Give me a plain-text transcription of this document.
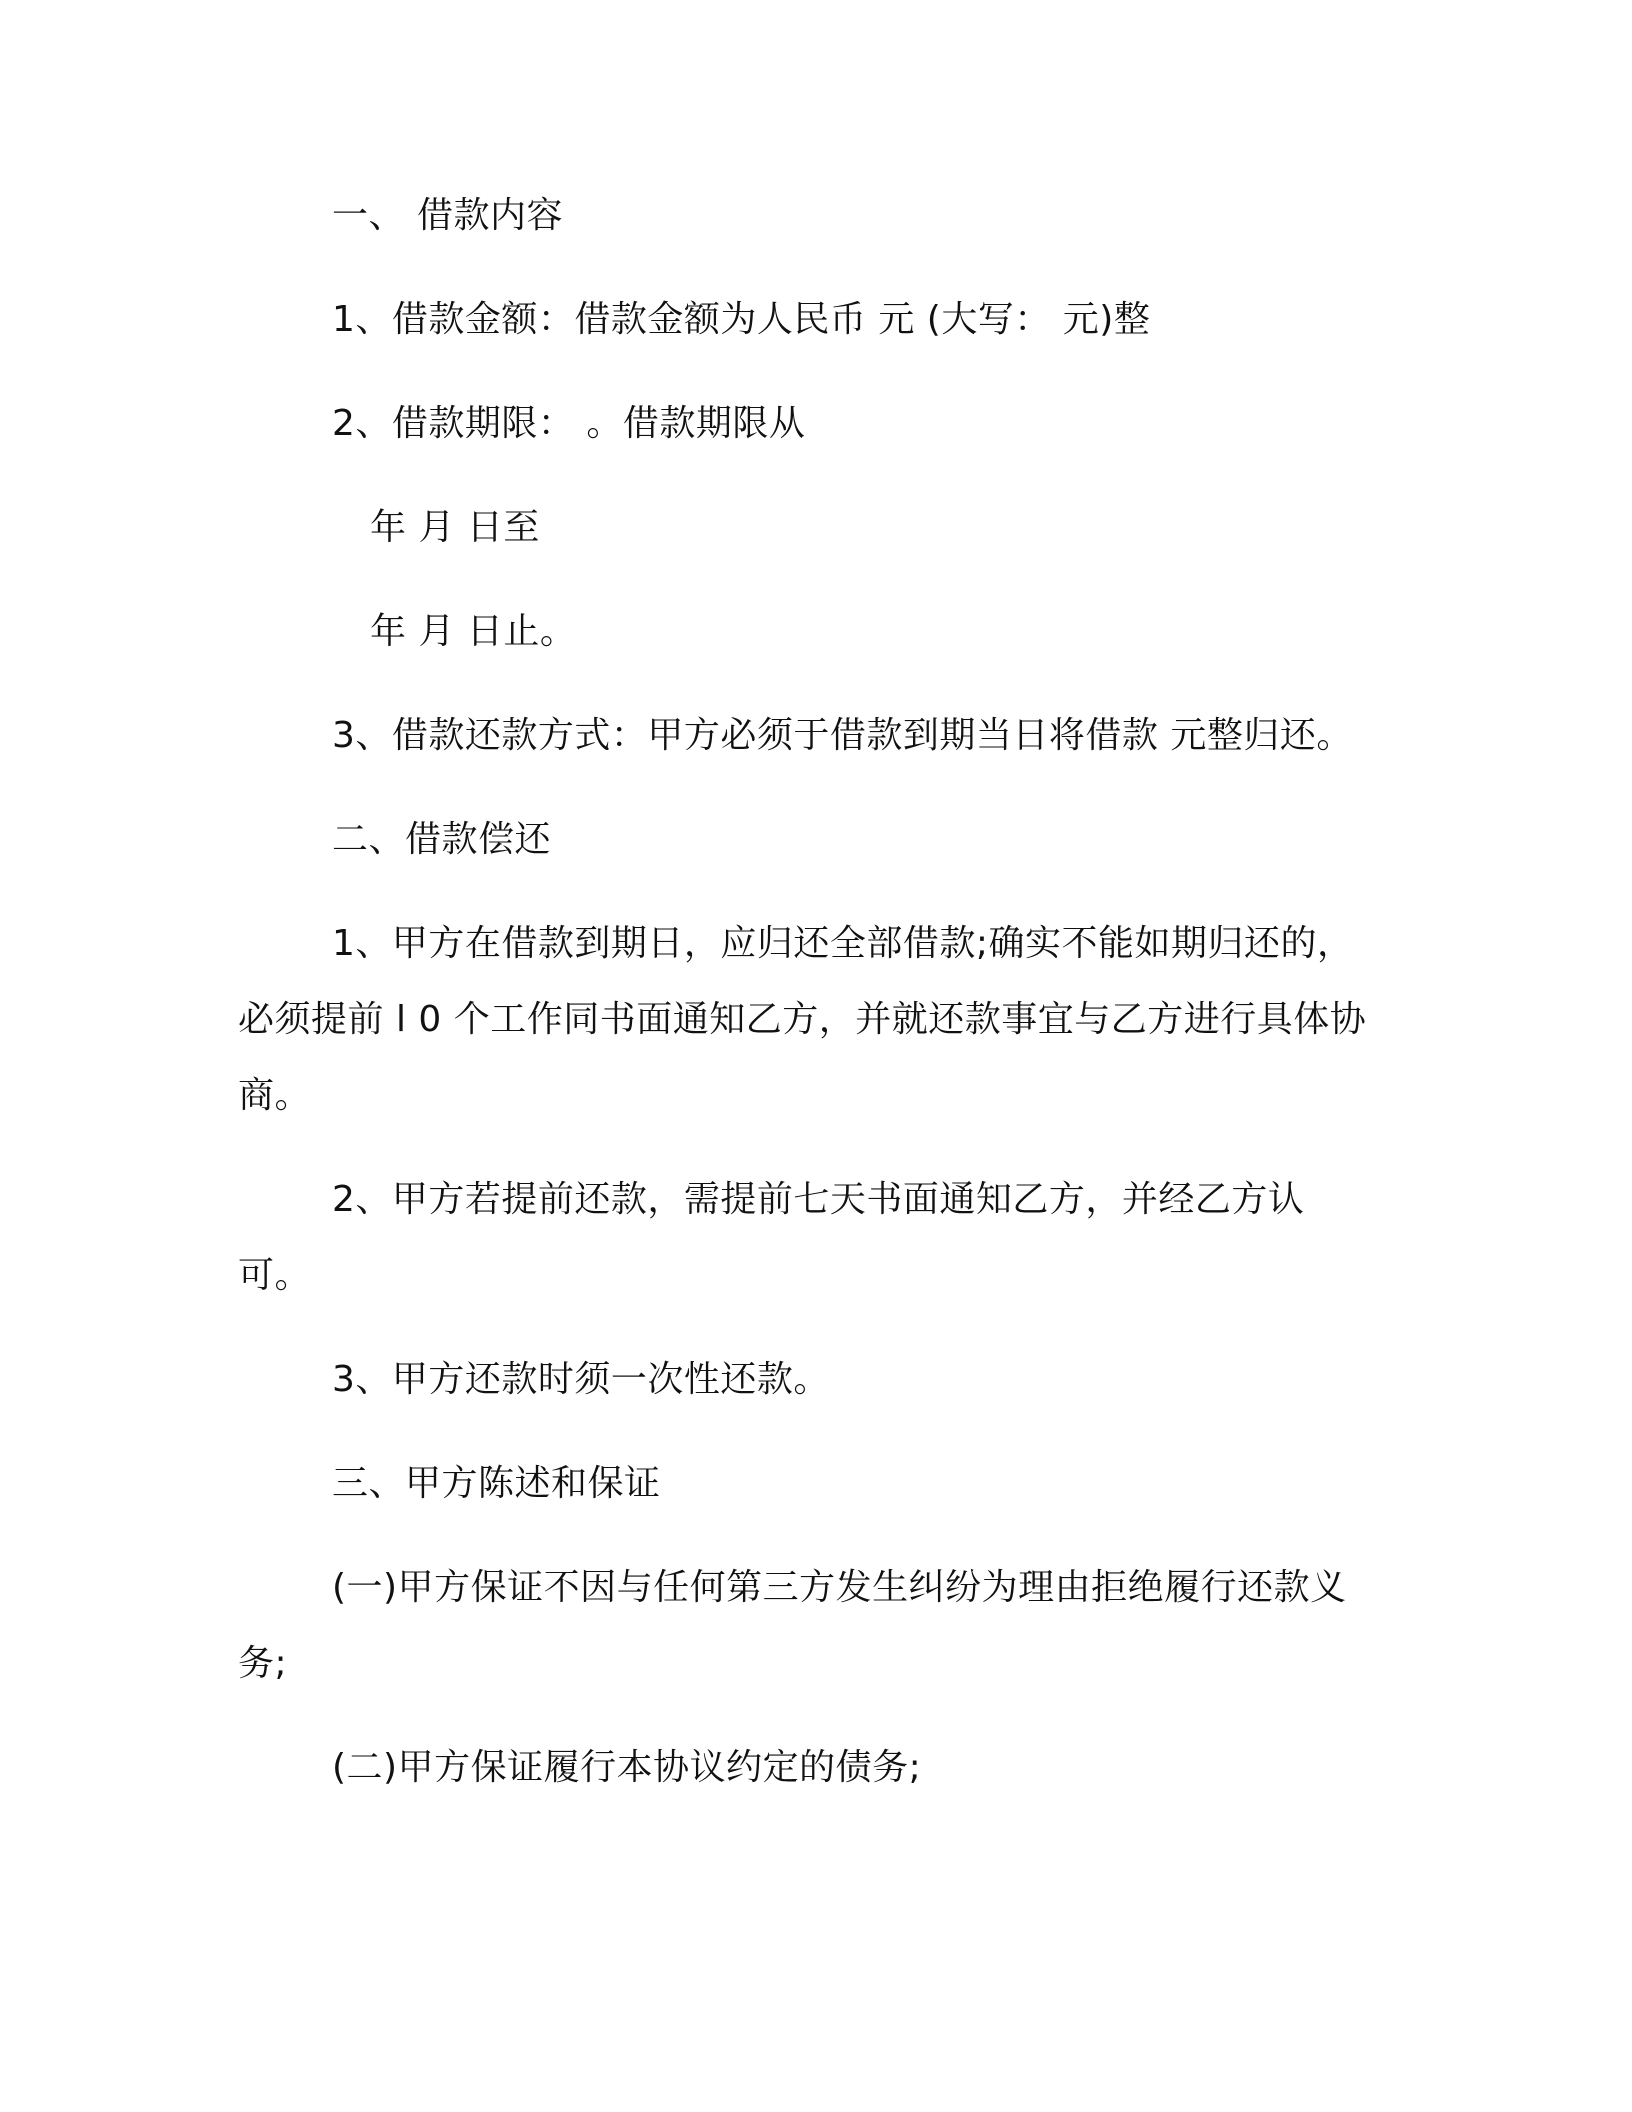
一、 借款内容
1、借款金额：借款金额为人民币 元 (大写： 元)整
2、借款期限： 。借款期限从
年 月 日至
年 月 日止。
3、借款还款方式：甲方必须于借款到期当日将借款 元整归还。
二、借款偿还
1、甲方在借款到期日，应归还全部借款;确实不能如期归还的，
必须提前 l 0 个工作同书面通知乙方，并就还款事宜与乙方进行具体协
商。
2、甲方若提前还款，需提前七天书面通知乙方，并经乙方认
可。
3、甲方还款时须一次性还款。
三、甲方陈述和保证
(一)甲方保证不因与任何第三方发生纠纷为理由拒绝履行还款义
务;
(二)甲方保证履行本协议约定的债务;
